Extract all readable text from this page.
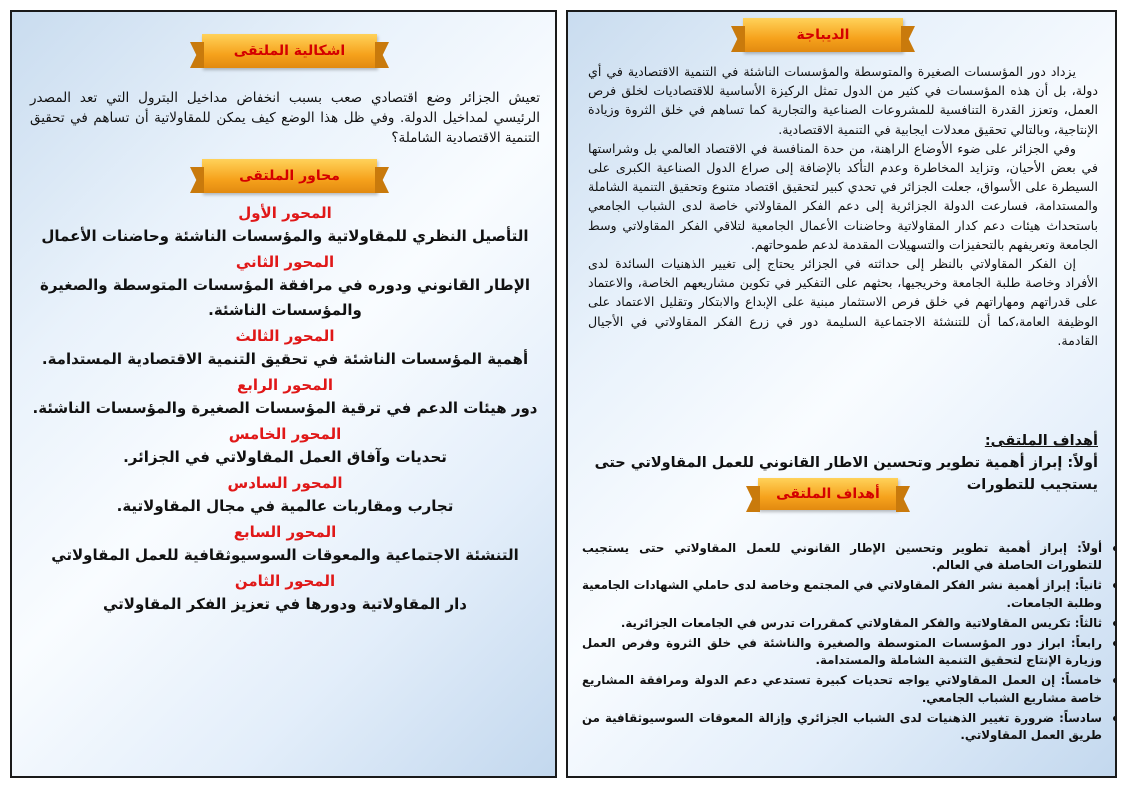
اشكالية الملتقى
تعيش الجزائر وضع اقتصادي صعب بسبب انخفاض مداخيل البترول التي تعد المصدر الرئيسي لمداخيل الدولة. وفي ظل هذا الوضع كيف يمكن للمقاولاتية أن تساهم في تحقيق التنمية الاقتصادية الشاملة؟
محاور الملتقى
المحور الأول
التأصيل النظري للمقاولاتية والمؤسسات الناشئة وحاضنات الأعمال
المحور الثاني
الإطار القانوني ودوره في مرافقة المؤسسات المتوسطة والصغيرة والمؤسسات الناشئة.
المحور الثالث
أهمية المؤسسات الناشئة في تحقيق التنمية الاقتصادية المستدامة.
المحور الرابع
دور هيئات الدعم في ترقية المؤسسات الصغيرة والمؤسسات الناشئة.
المحور الخامس
تحديات وآفاق العمل المقاولاتي في الجزائر.
المحور السادس
تجارب ومقاربات عالمية في مجال المقاولاتية.
المحور السابع
التنشئة الاجتماعية والمعوقات السوسيوثقافية للعمل المقاولاتي
المحور الثامن
دار المقاولاتية ودورها في تعزيز الفكر المقاولاتي
الديباجة

يزداد دور المؤسسات الصغيرة والمتوسطة والمؤسسات الناشئة في التنمية الاقتصادية في أي دولة، بل أن هذه المؤسسات في كثير من الدول تمثل الركيزة الأساسية للاقتصاديات لخلق فرص العمل، وتعزز القدرة التنافسية للمشروعات الصناعية والتجارية كما تساهم في خلق الثروة وزيادة الإنتاجية، وبالتالي تحقيق معدلات ايجابية في التنمية الاقتصادية.

وفي الجزائر على ضوء الأوضاع الراهنة، من حدة المنافسة في الاقتصاد العالمي بل وشراستها في بعض الأحيان، وتزايد المخاطرة وعدم التأكد بالإضافة إلى صراع الدول الصناعية الكبرى على السيطرة على الأسواق، جعلت الجزائر في تحدي كبير لتحقيق اقتصاد متنوع وتحقيق التنمية الشاملة والمستدامة، فسارعت الدولة الجزائرية إلى دعم الفكر المقاولاتي خاصة لدى الشباب الجامعي باستحداث هيئات دعم كدار المقاولاتية وحاضنات الأعمال الجامعية لتلاقي الفكر المقاولاتي وسط الجامعة وتعريفهم بالتحفيزات والتسهيلات المقدمة لدعم طموحاتهم.

إن الفكر المقاولاتي بالنظر إلى حداثته في الجزائر يحتاج إلى تغيير الذهنيات السائدة لدى الأفراد وخاصة طلبة الجامعة وخريجيها، بحثهم على التفكير في تكوين مشاريعهم الخاصة، والاعتماد على قدراتهم ومهاراتهم في خلق فرص الاستثمار مبنية على الإبداع والابتكار وتقليل الاعتماد على الوظيفة العامة،كما أن للتنشئة الاجتماعية السليمة دور في زرع الفكر المقاولاتي في الأجيال القادمة.

أهداف الملتقى:
أولاً: إبراز أهمية تطوير وتحسين الاطار القانوني للعمل المقاولاتي حتى يستجيب للتطورات
أهداف الملتقى
أولاً: إبراز أهمية تطوير وتحسين الإطار القانوني للعمل المقاولاتي حتى يستجيب للتطورات الحاصلة في العالم.
ثانياً: إبراز أهمية نشر الفكر المقاولاتي في المجتمع وخاصة لدى حاملي الشهادات الجامعية وطلبة الجامعات.
ثالثاً: تكريس المقاولاتية والفكر المقاولاتي كمقررات تدرس في الجامعات الجزائرية.
رابعاً: ابراز دور المؤسسات المتوسطة والصغيرة والناشئة في خلق الثروة وفرص العمل وزيارة الإنتاج لتحقيق التنمية الشاملة والمستدامة.
خامساً: إن العمل المقاولاتي يواجه تحديات كبيرة تستدعي دعم الدولة ومرافقة المشاريع خاصة مشاريع الشباب الجامعي.
سادساً: ضرورة تغيير الذهنيات لدى الشباب الجزائري وإزالة المعوقات السوسيوثقافية من طريق العمل المقاولاتي.
